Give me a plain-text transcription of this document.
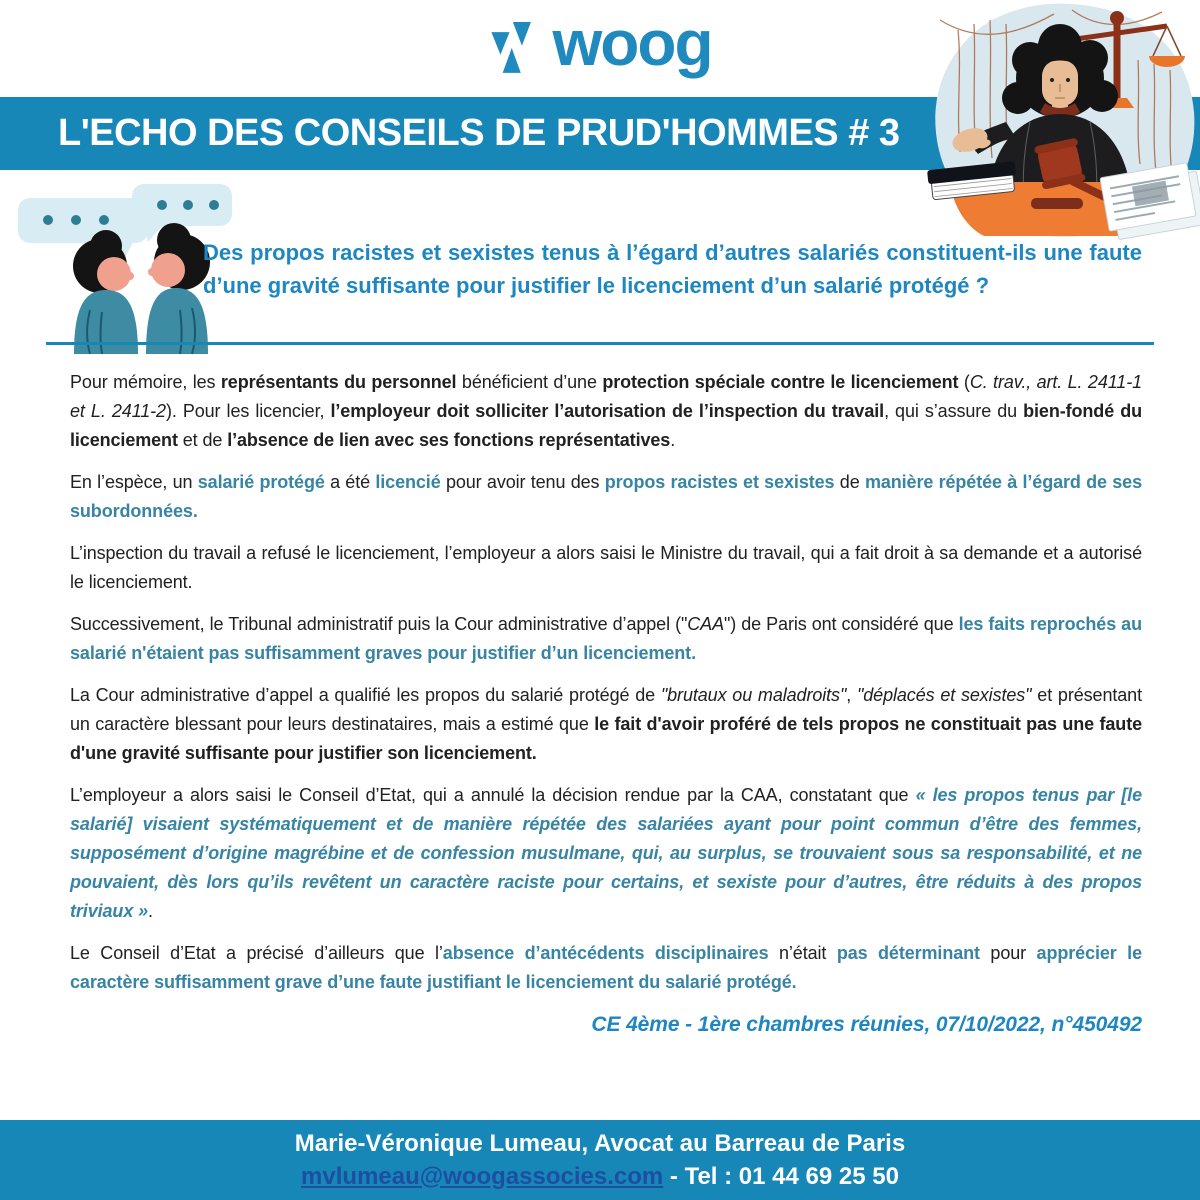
woog
L'ECHO DES CONSEILS DE PRUD'HOMMES # 3
Des propos racistes et sexistes tenus à l’égard d’autres salariés constituent-ils une faute d’une gravité suffisante pour justifier le licenciement d’un salarié protégé ?

Pour mémoire, les représentants du personnel bénéficient d’une protection spéciale contre le licenciement (C. trav., art. L. 2411-1 et L. 2411-2). Pour les licencier, l’employeur doit solliciter l’autorisation de l’inspection du travail, qui s’assure du bien-fondé du licenciement et de l’absence de lien avec ses fonctions représentatives.

En l’espèce, un salarié protégé a été licencié pour avoir tenu des propos racistes et sexistes de manière répétée à l’égard de ses subordonnées.

L’inspection du travail a refusé le licenciement, l’employeur a alors saisi le Ministre du travail, qui a fait droit à sa demande et a autorisé le licenciement.

Successivement, le Tribunal administratif puis la Cour administrative d’appel ("CAA") de Paris ont considéré que les faits reprochés au salarié n'étaient pas suffisamment graves pour justifier d’un licenciement.

La Cour administrative d’appel a qualifié les propos du salarié protégé de "brutaux ou maladroits", "déplacés et sexistes" et présentant un caractère blessant pour leurs destinataires, mais a estimé que le fait d'avoir proféré de tels propos ne constituait pas une faute d'une gravité suffisante pour justifier son licenciement.

L’employeur a alors saisi le Conseil d’Etat, qui a annulé la décision rendue par la CAA, constatant que « les propos tenus par [le salarié] visaient systématiquement et de manière répétée des salariées ayant pour point commun d’être des femmes, supposément d’origine magrébine et de confession musulmane, qui, au surplus, se trouvaient sous sa responsabilité, et ne pouvaient, dès lors qu’ils revêtent un caractère raciste pour certains, et sexiste pour d’autres, être réduits à des propos triviaux ».

Le Conseil d’Etat a précisé d’ailleurs que l’absence d’antécédents disciplinaires n’était pas déterminant pour apprécier le caractère suffisamment grave d’une faute justifiant le licenciement du salarié protégé.

CE 4ème - 1ère chambres réunies, 07/10/2022, n°450492

Marie-Véronique Lumeau, Avocat au Barreau de Paris
mvlumeau@woogassocies.com - Tel : 01 44 69 25 50
